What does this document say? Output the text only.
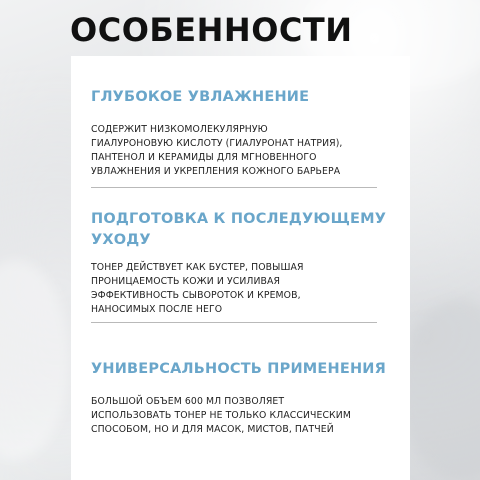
ОСОБЕННОСТИ
ГЛУБОКОЕ УВЛАЖНЕНИЕ

СОДЕРЖИТ НИЗКОМОЛЕКУЛЯРНУЮ
ГИАЛУРОНОВУЮ КИСЛОТУ (ГИАЛУРОНАТ НАТРИЯ),
ПАНТЕНОЛ И КЕРАМИДЫ ДЛЯ МГНОВЕННОГО
УВЛАЖНЕНИЯ И УКРЕПЛЕНИЯ КОЖНОГО БАРЬЕРА

ПОДГОТОВКА К ПОСЛЕДУЮЩЕМУ
УХОДУ

ТОНЕР ДЕЙСТВУЕТ КАК БУСТЕР, ПОВЫШАЯ
ПРОНИЦАЕМОСТЬ КОЖИ И УСИЛИВАЯ
ЭФФЕКТИВНОСТЬ СЫВОРОТОК И КРЕМОВ,
НАНОСИМЫХ ПОСЛЕ НЕГО

УНИВЕРСАЛЬНОСТЬ ПРИМЕНЕНИЯ

БОЛЬШОЙ ОБЪЕМ 600 МЛ ПОЗВОЛЯЕТ
ИСПОЛЬЗОВАТЬ ТОНЕР НЕ ТОЛЬКО КЛАССИЧЕСКИМ
СПОСОБОМ, НО И ДЛЯ МАСОК, МИСТОВ, ПАТЧЕЙ
